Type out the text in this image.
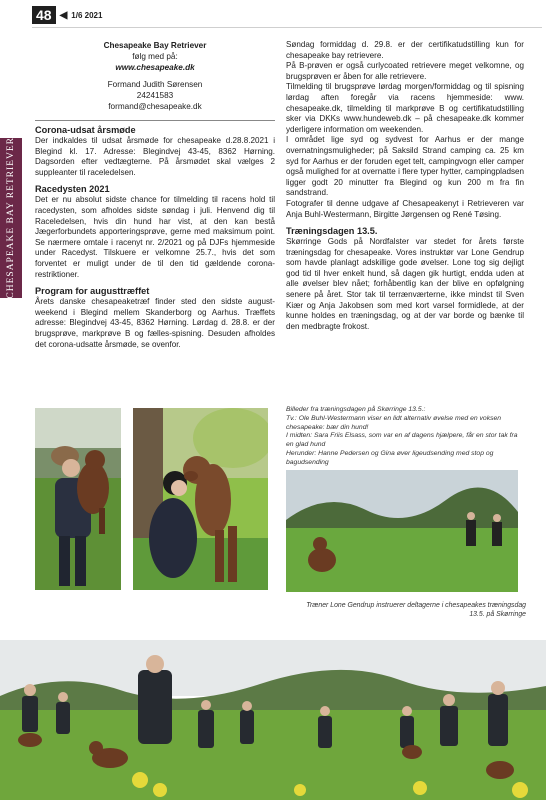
48 ◀ 1/6 2021
CHESAPEAKE BAY RETRIEVER
Chesapeake Bay Retriever
følg med på:
www.chesapeake.dk
Formand Judith Sørensen
24241583
formand@chesapeake.dk
Corona-udsat årsmøde

Der indkaldes til udsat årsmøde for chesapeake d.28.8.2021 i Blegind kl. 17. Adresse: Blegindvej 43-45, 8362 Hørning. Dagsorden efter vedtægterne. På årsmødet skal vælges 2 suppleanter til raceledelsen.

Racedysten 2021

Det er nu absolut sidste chance for tilmelding til racens hold til racedysten, som afholdes sidste søndag i juli. Henvend dig til Raceledelsen, hvis din hund har vist, at den kan bestå Jægerforbundets apporteringsprøve, gerne med maksimum point. Se nærmere omtale i racenyt nr. 2/2021 og på DJFs hjemmeside under Racedyst. Tilskuere er velkomne 25.7., hvis det som forventet er muligt under de til den tid gældende corona-restriktioner.

Program for augusttræffet

Årets danske chesapeaketræf finder sted den sidste august-weekend i Blegind mellem Skanderborg og Aarhus. Træffets adresse: Blegindvej 43-45, 8362 Hørning. Lørdag d. 28.8. er der brugsprøve, markprøve B og fælles-spisning. Desuden afholdes det corona-udsatte årsmøde, se ovenfor.

Søndag formiddag d. 29.8. er der certifikatudstilling kun for chesapeake bay retrievere.

På B-prøven er også curlycoated retrievere meget velkomne, og brugsprøven er åben for alle retrievere.

Tilmelding til brugsprøve lørdag morgen/formiddag og til spisning lørdag aften foregår via racens hjemmeside: www. chesapeake.dk, tilmelding til markprøve B og certifikatudstilling sker via DKKs www.hundeweb.dk – på chesapeake.dk kommer yderligere information om weekenden.

I området lige syd og sydvest for Aarhus er der mange overnatningsmuligheder; på Saksild Strand camping ca. 25 km syd for Aarhus er der foruden eget telt, campingvogn eller camper også mulighed for at overnatte i flere typer hytter, campingpladsen ligger godt 20 minutter fra Blegind og kun 200 m fra fin sandstrand.

Fotografer til denne udgave af Chesapeakenyt i Retrieveren var Anja Buhl-Westermann, Birgitte Jørgensen og René Tøsing.

Træningsdagen 13.5.

Skørringe Gods på Nordfalster var stedet for årets første træningsdag for chesapeake. Vores instruktør var Lone Gendrup som havde planlagt adskillige gode øvelser. Lone tog sig dejligt god tid til hver enkelt hund, så dagen gik hurtigt, endda uden at alle øvelser blev nået; forhåbentlig kan der blive en opfølgning senere på året. Stor tak til terrænværterne, ikke mindst til Sven Kiær og Anja Jakobsen som med kort varsel formidlede, at der kunne holdes en træningsdag, og at der var borde og bænke til den medbragte frokost.

Billeder fra træningsdagen på Skørringe 13.5.:
Tv.: Ole Buhl-Westermann viser en lidt alternativ øvelse med en voksen chesapeake: bær din hund!
I midten: Sara Friis Elsass, som var en af dagens hjælpere, får en stor tak fra en glad hund
Herunder: Hanne Pedersen og Gina øver ligeudsending med stop og bagudsending
Træner Lone Gendrup instruerer deltagerne i chesapeakes træningsdag 13.5. på Skørringe
